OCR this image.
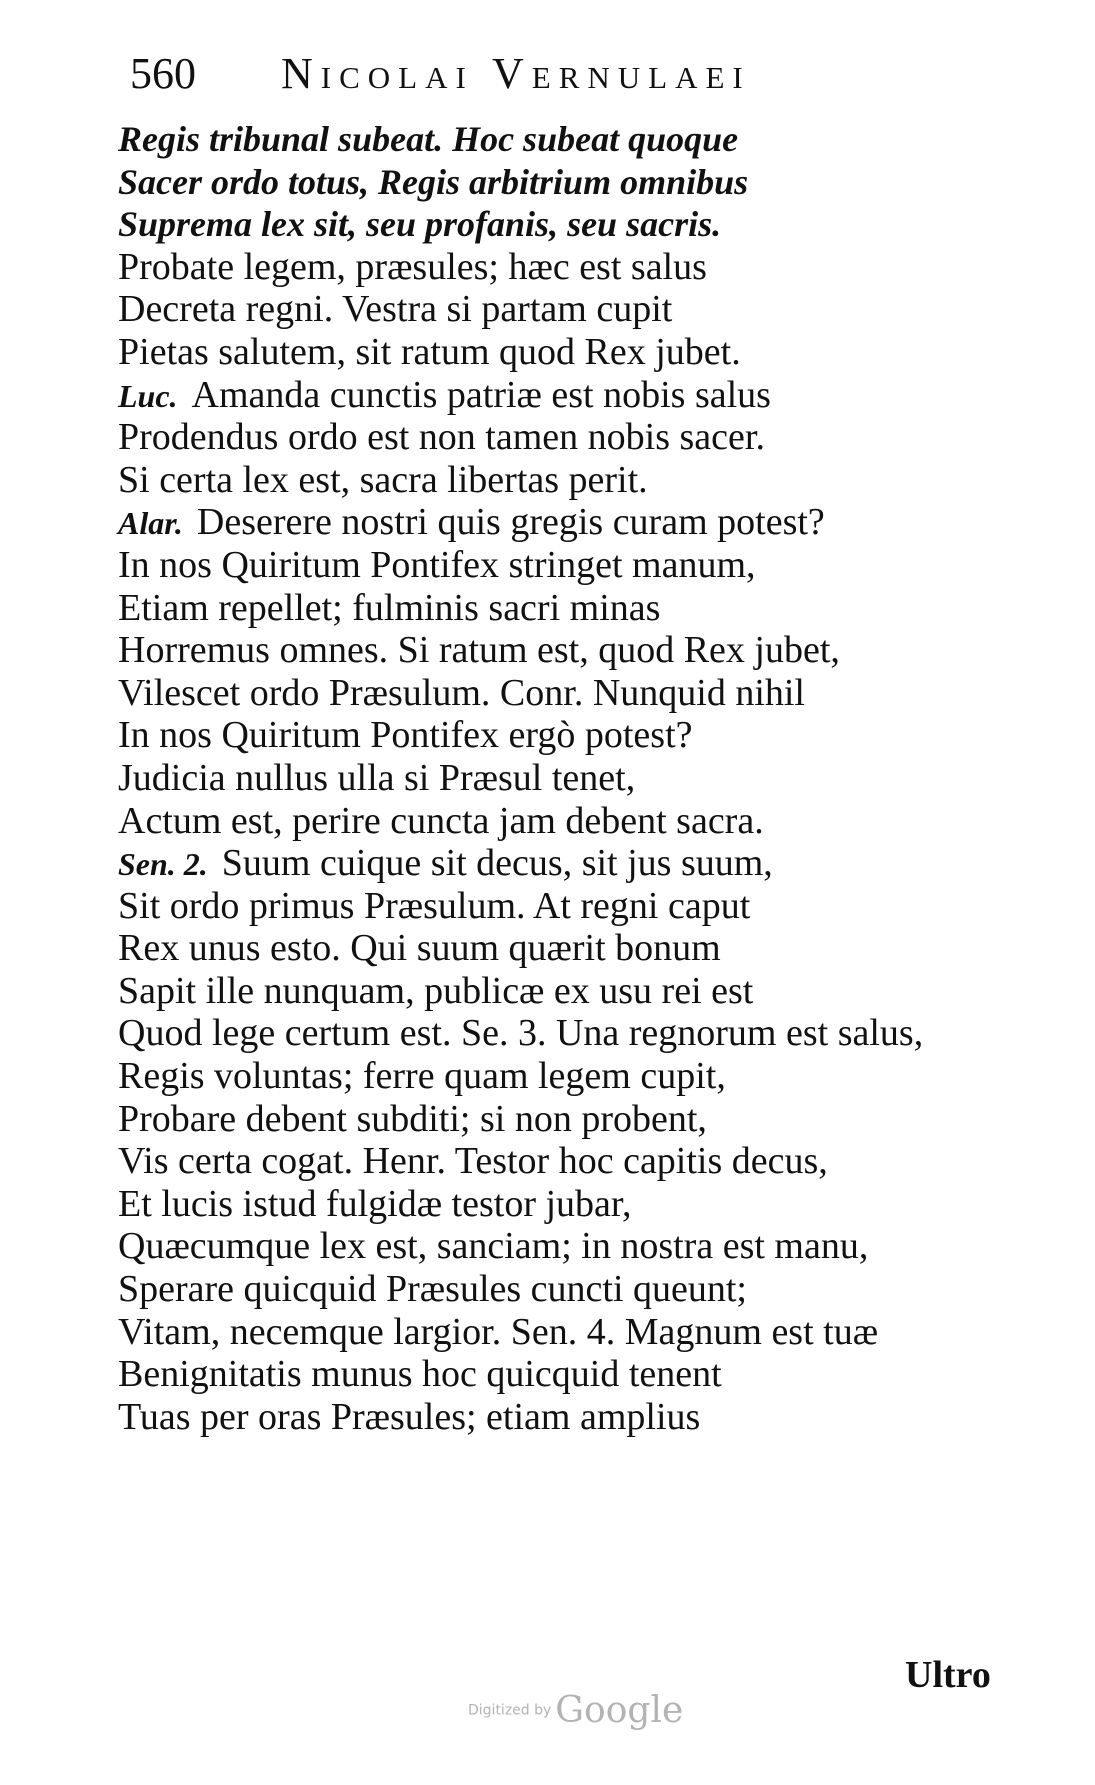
560 Nicolai Vernulaei
Regis tribunal subeat. Hoc subeat quoque
Sacer ordo totus, Regis arbitrium omnibus
Suprema lex sit, seu profanis, seu sacris.
Probate legem, præsules; hæc est salus
Decreta regni. Vestra si partam cupit
Pietas salutem, sit ratum quod Rex jubet.
Luc. Amanda cunctis patriæ est nobis salus
Prodendus ordo est non tamen nobis sacer.
Si certa lex est, sacra libertas perit.
Alar. Deserere nostri quis gregis curam potest?
In nos Quiritum Pontifex stringet manum,
Etiam repellet; fulminis sacri minas
Horremus omnes. Si ratum est, quod Rex jubet,
Vilescet ordo Præsulum. Conr. Nunquid nihil
In nos Quiritum Pontifex ergò potest?
Judicia nullus ulla si Præsul tenet,
Actum est, perire cuncta jam debent sacra.
Sen. 2. Suum cuique sit decus, sit jus suum,
Sit ordo primus Præsulum. At regni caput
Rex unus esto. Qui suum quærit bonum
Sapit ille nunquam, publicæ ex usu rei est
Quod lege certum est. Se. 3. Una regnorum est salus,
Regis voluntas; ferre quam legem cupit,
Probare debent subditi; si non probent,
Vis certa cogat. Henr. Testor hoc capitis decus,
Et lucis istud fulgidæ testor jubar,
Quæcumque lex est, sanciam; in nostra est manu,
Sperare quicquid Præsules cuncti queunt;
Vitam, necemque largior. Sen. 4. Magnum est tuæ
Benignitatis munus hoc quicquid tenent
Tuas per oras Præsules; etiam amplius
Ultro
Digitized by Google
